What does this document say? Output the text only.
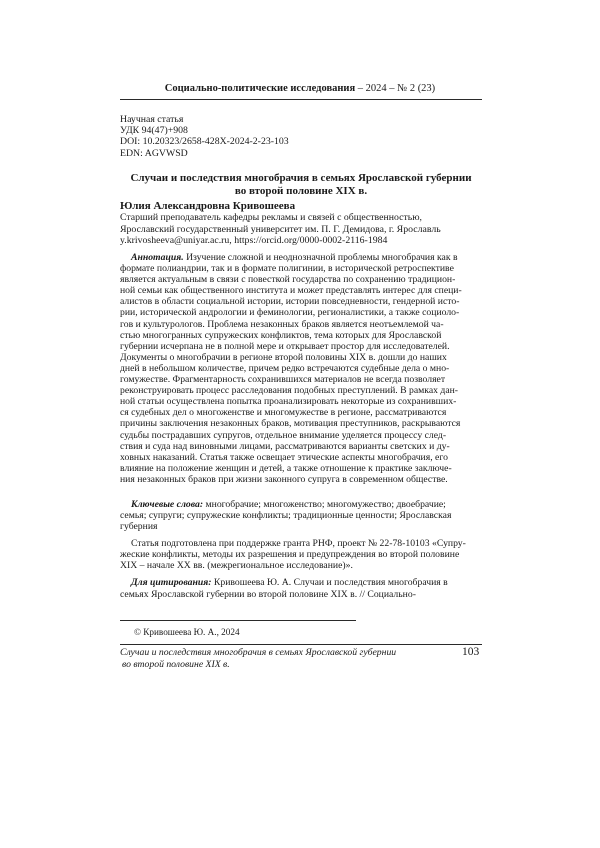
Социально-политические исследования – 2024 – № 2 (23)
Научная статья
УДК 94(47)+908
DOI: 10.20323/2658-428X-2024-2-23-103
EDN: AGVWSD
Случаи и последствия многобрачия в семьях Ярославской губернии
во второй половине XIX в.
Юлия Александровна Кривошеева
Старший преподаватель кафедры рекламы и связей с общественностью,
Ярославский государственный университет им. П. Г. Демидова, г. Ярославль
y.krivosheeva@uniyar.ac.ru, https://orcid.org/0000-0002-2116-1984
Аннотация. Изучение сложной и неоднозначной проблемы многобрачия как в
формате полиандрии, так и в формате полигинии, в исторической ретроспективе
является актуальным в связи с повесткой государства по сохранению традицион-
ной семьи как общественного института и может представлять интерес для специ-
алистов в области социальной истории, истории повседневности, гендерной исто-
рии, исторической андрологии и феминологии, регионалистики, а также социоло-
гов и культурологов. Проблема незаконных браков является неотъемлемой ча-
стью многогранных супружеских конфликтов, тема которых для Ярославской
губернии исчерпана не в полной мере и открывает простор для исследователей.
Документы о многобрачии в регионе второй половины XIX в. дошли до наших
дней в небольшом количестве, причем редко встречаются судебные дела о мно-
гомужестве. Фрагментарность сохранившихся материалов не всегда позволяет
реконструировать процесс расследования подобных преступлений. В рамках дан-
ной статьи осуществлена попытка проанализировать некоторые из сохранивших-
ся судебных дел о многоженстве и многомужестве в регионе, рассматриваются
причины заключения незаконных браков, мотивация преступников, раскрываются
судьбы пострадавших супругов, отдельное внимание уделяется процессу след-
ствия и суда над виновными лицами, рассматриваются варианты светских и ду-
ховных наказаний. Статья также освещает этические аспекты многобрачия, его
влияние на положение женщин и детей, а также отношение к практике заключе-
ния незаконных браков при жизни законного супруга в современном обществе.
Ключевые слова: многобрачие; многоженство; многомужество; двоебрачие;
семья; супруги; супружеские конфликты; традиционные ценности; Ярославская
губерния
Статья подготовлена при поддержке гранта РНФ, проект № 22-78-10103 «Супру-
жеские конфликты, методы их разрешения и предупреждения во второй половине
XIX – начале XX вв. (межрегиональное исследование)».
Для цитирования: Кривошеева Ю. А. Случаи и последствия многобрачия в
семьях Ярославской губернии во второй половине XIX в. // Социально-
© Кривошеева Ю. А., 2024
Случаи и последствия многобрачия в семьях Ярославской губернии
во второй половине XIX в.
103
